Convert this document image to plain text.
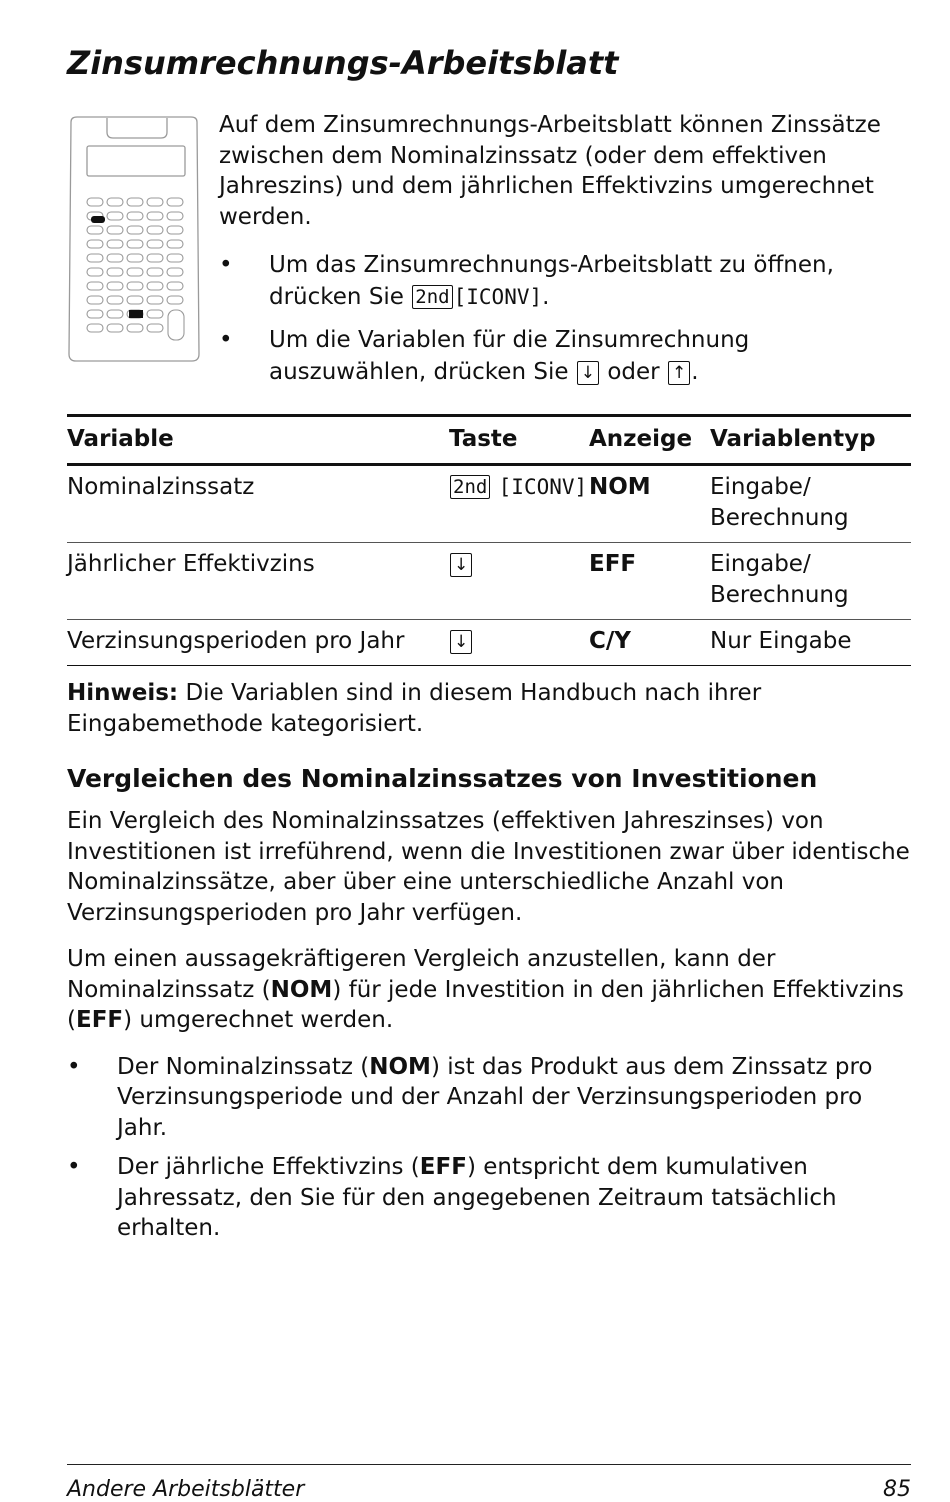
Zinsumrechnungs-Arbeitsblatt

Auf dem Zinsumrechnungs-Arbeitsblatt können Zinssätze zwischen dem Nominalzinssatz (oder dem effektiven Jahreszins) und dem jährlichen Effektivzins umgerechnet werden.

• Um das Zinsumrechnungs-Arbeitsblatt zu öffnen, drücken Sie 2nd [ICONV].
• Um die Variablen für die Zinsumrechnung auszuwählen, drücken Sie ↓ oder ↑ .
Variable	Taste	Anzeige	Variablentyp
Nominalzinssatz	2nd [ICONV]	NOM	Eingabe/ Berechnung
Jährlicher Effektivzins	↓	EFF	Eingabe/ Berechnung
Verzinsungsperioden pro Jahr	↓	C/Y	Nur Eingabe

Hinweis: Die Variablen sind in diesem Handbuch nach ihrer Eingabemethode kategorisiert.

Vergleichen des Nominalzinssatzes von Investitionen

Ein Vergleich des Nominalzinssatzes (effektiven Jahreszinses) von Investitionen ist irreführend, wenn die Investitionen zwar über identische Nominalzinssätze, aber über eine unterschiedliche Anzahl von Verzinsungsperioden pro Jahr verfügen.

Um einen aussagekräftigeren Vergleich anzustellen, kann der Nominalzinssatz (NOM) für jede Investition in den jährlichen Effektivzins (EFF) umgerechnet werden.

• Der Nominalzinssatz (NOM) ist das Produkt aus dem Zinssatz pro Verzinsungsperiode und der Anzahl der Verzinsungsperioden pro Jahr.
• Der jährliche Effektivzins (EFF) entspricht dem kumulativen Jahressatz, den Sie für den angegebenen Zeitraum tatsächlich erhalten.
Andere Arbeitsblätter	85
